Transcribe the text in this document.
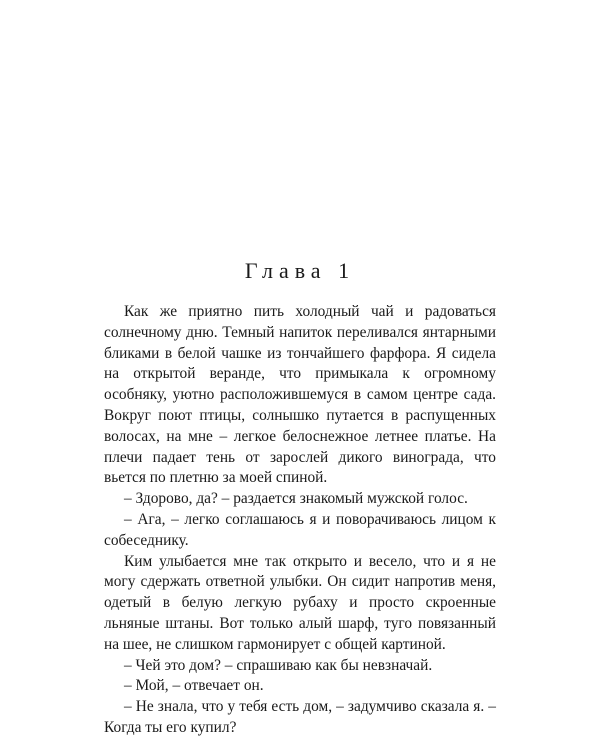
Глава 1

Как же приятно пить холодный чай и радоваться солнечному дню. Темный напиток переливался янтарными бликами в белой чашке из тончайшего фарфора. Я сидела на открытой веранде, что примыкала к огромному особняку, уютно расположившемуся в самом центре сада. Вокруг поют птицы, солнышко путается в распущенных волосах, на мне – легкое белоснежное летнее платье. На плечи падает тень от зарослей дикого винограда, что вьется по плетню за моей спиной.

– Здорово, да? – раздается знакомый мужской голос.

– Ага, – легко соглашаюсь я и поворачиваюсь лицом к собеседнику.

Ким улыбается мне так открыто и весело, что и я не могу сдержать ответной улыбки. Он сидит напротив меня, одетый в белую легкую рубаху и просто скроенные льняные штаны. Вот только алый шарф, туго повязанный на шее, не слишком гармонирует с общей картиной.

– Чей это дом? – спрашиваю как бы невзначай.

– Мой, – отвечает он.

– Не знала, что у тебя есть дом, – задумчиво сказала я. – Когда ты его купил?
